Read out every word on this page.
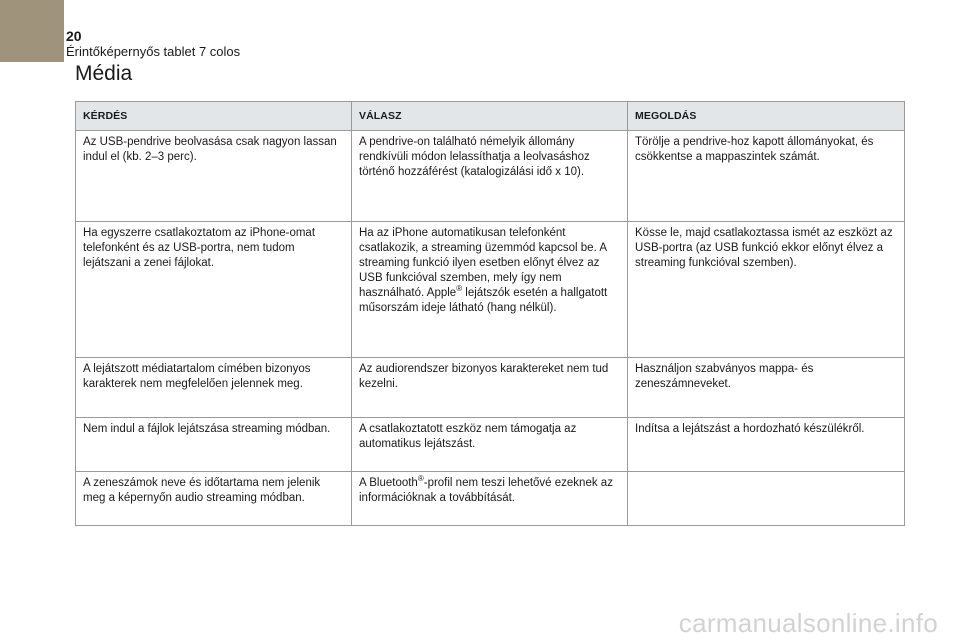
20
Érintőképernyős tablet 7 colos
Média
KÉRDÉS	VÁLASZ	MEGOLDÁS
Az USB-pendrive beolvasása csak nagyon lassan indul el (kb. 2–3 perc).	A pendrive-on található némelyik állomány rendkívüli módon lelassíthatja a leolvasáshoz történő hozzáférést (katalogizálási idő x 10).	Törölje a pendrive-hoz kapott állományokat, és csökkentse a mappaszintek számát.
Ha egyszerre csatlakoztatom az iPhone-omat telefonként és az USB-portra, nem tudom lejátszani a zenei fájlokat.	Ha az iPhone automatikusan telefonként csatlakozik, a streaming üzemmód kapcsol be. A streaming funkció ilyen esetben előnyt élvez az USB funkcióval szemben, mely így nem használható. Apple® lejátszók esetén a hallgatott műsorszám ideje látható (hang nélkül).	Kösse le, majd csatlakoztassa ismét az eszközt az USB-portra (az USB funkció ekkor előnyt élvez a streaming funkcióval szemben).
A lejátszott médiatartalom címében bizonyos karakterek nem megfelelően jelennek meg.	Az audiorendszer bizonyos karaktereket nem tud kezelni.	Használjon szabványos mappa- és zeneszámneveket.
Nem indul a fájlok lejátszása streaming módban.	A csatlakoztatott eszköz nem támogatja az automatikus lejátszást.	Indítsa a lejátszást a hordozható készülékről.
A zeneszámok neve és időtartama nem jelenik meg a képernyőn audio streaming módban.	A Bluetooth®-profil nem teszi lehetővé ezeknek az információknak a továbbítását.	
carmanualsonline.info
